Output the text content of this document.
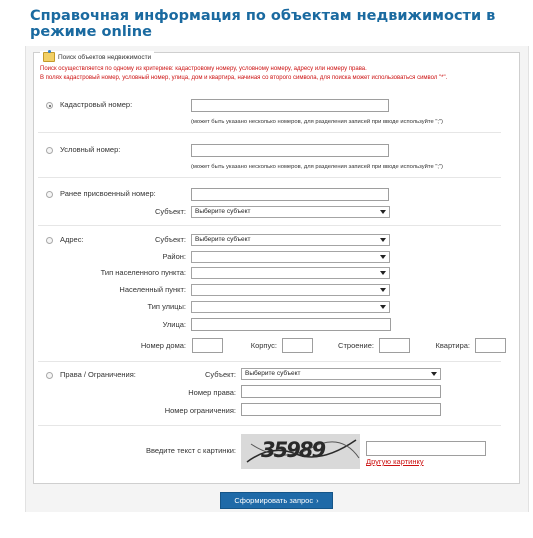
Справочная информация по объектам недвижимости в режиме online
Поиск объектов недвижимости

Поиск осуществляется по одному из критериев: кадастровому номеру, условному номеру, адресу или номеру права.

В полях кадастровый номер, условный номер, улица, дом и квартира, начиная со второго символа, для поиска может использоваться символ "*".

Кадастровый номер:
(может быть указано несколько номеров, для разделения записей при вводе используйте ";")
Условный номер:
(может быть указано несколько номеров, для разделения записей при вводе используйте ";")
Ранее присвоенный номер:
Субъект:	Выберите субъект
Адрес:	Субъект:	Выберите субъект
Район:
Тип населенного пункта:
Населенный пункт:
Тип улицы:
Улица:
Номер дома:	Корпус:	Строение:	Квартира:
Права / Ограничения:	Субъект:	Выберите субъект
Номер права:
Номер ограничения:
Введите текст с картинки: 35989	Другую картинку
Сформировать запрос ›
